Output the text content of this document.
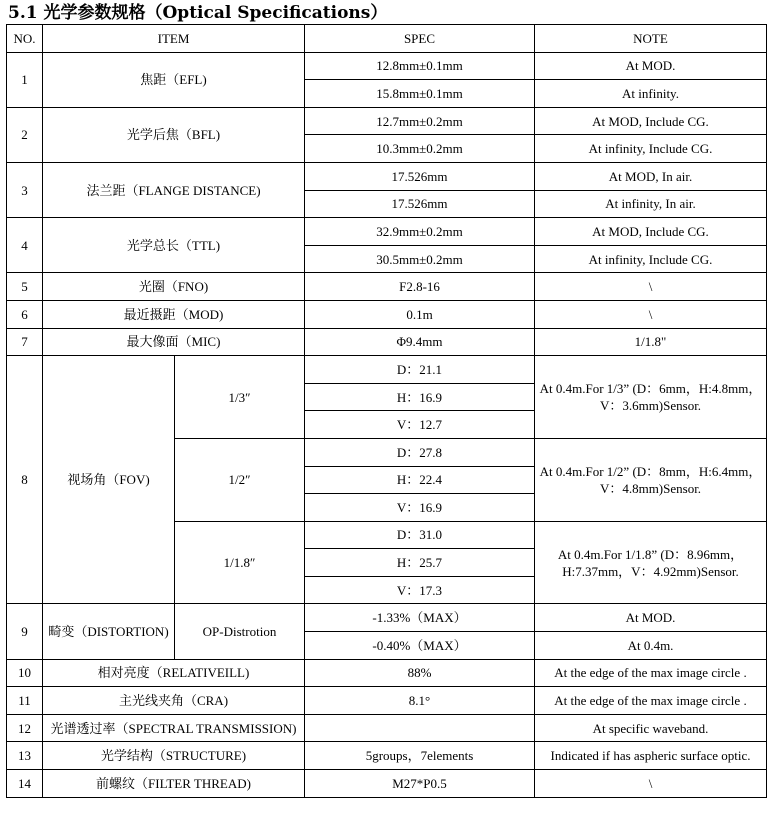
5.1 光学参数规格（Optical Specifications）
NO.	ITEM		SPEC	NOTE
1	焦距（EFL)		12.8mm±0.1mm	At MOD.
			15.8mm±0.1mm	At infinity.
2	光学后焦（BFL)		12.7mm±0.2mm	At MOD, Include CG.
			10.3mm±0.2mm	At infinity, Include CG.
3	法兰距（FLANGE DISTANCE)		17.526mm	At MOD, In air.
			17.526mm	At infinity, In air.
4	光学总长（TTL)		32.9mm±0.2mm	At MOD, Include CG.
			30.5mm±0.2mm	At infinity, Include CG.
5	光圈（FNO)		F2.8-16	\
6	最近摄距（MOD)		0.1m	\
7	最大像面（MIC)		Φ9.4mm	1/1.8"
8	视场角（FOV)	1/3″	D：21.1	At 0.4m.For 1/3” (D：6mm，H:4.8mm，V：3.6mm)Sensor.
			H：16.9	
			V：12.7	
		1/2″	D：27.8	At 0.4m.For 1/2” (D：8mm，H:6.4mm，V：4.8mm)Sensor.
			H：22.4	
			V：16.9	
		1/1.8″	D：31.0	At 0.4m.For 1/1.8” (D：8.96mm，H:7.37mm，V：4.92mm)Sensor.
			H：25.7	
			V：17.3	
9	畸变（DISTORTION)	OP-Distrotion	-1.33%（MAX）	At MOD.
			-0.40%（MAX）	At 0.4m.
10	相对亮度（RELATIVEILL)		88%	At the edge of the max image circle .
11	主光线夹角（CRA)		8.1°	At the edge of the max image circle .
12	光谱透过率（SPECTRAL TRANSMISSION)			At specific waveband.
13	光学结构（STRUCTURE)		5groups，7elements	Indicated if has aspheric surface optic.
14	前螺纹（FILTER THREAD)		M27*P0.5	\
